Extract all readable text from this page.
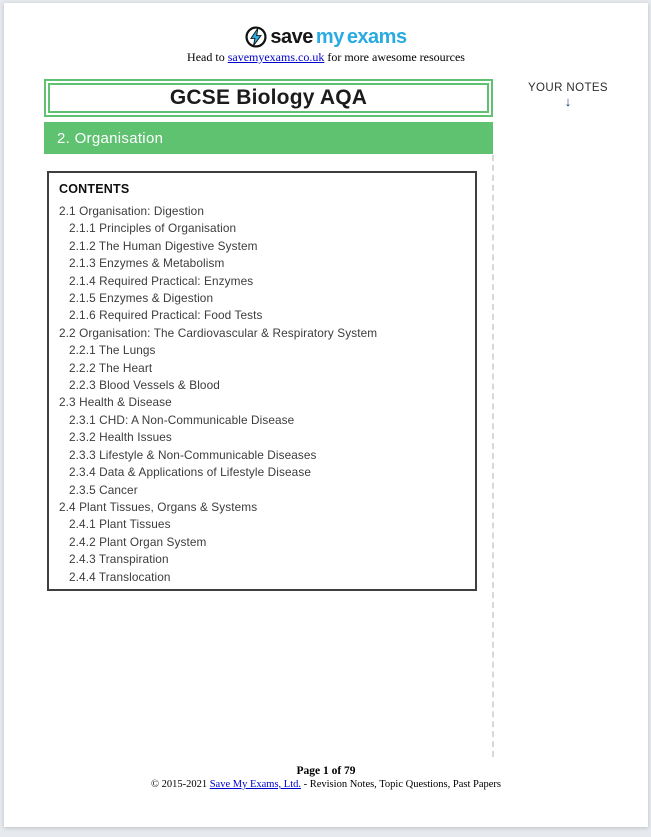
save my exams
Head to savemyexams.co.uk for more awesome resources
GCSE Biology AQA
2. Organisation
YOUR NOTES
↓
CONTENTS
2.1 Organisation: Digestion
2.1.1 Principles of Organisation
2.1.2 The Human Digestive System
2.1.3 Enzymes & Metabolism
2.1.4 Required Practical: Enzymes
2.1.5 Enzymes & Digestion
2.1.6 Required Practical: Food Tests
2.2 Organisation: The Cardiovascular & Respiratory System
2.2.1 The Lungs
2.2.2 The Heart
2.2.3 Blood Vessels & Blood
2.3 Health & Disease
2.3.1 CHD: A Non-Communicable Disease
2.3.2 Health Issues
2.3.3 Lifestyle & Non-Communicable Diseases
2.3.4 Data & Applications of Lifestyle Disease
2.3.5 Cancer
2.4 Plant Tissues, Organs & Systems
2.4.1 Plant Tissues
2.4.2 Plant Organ System
2.4.3 Transpiration
2.4.4 Translocation
Page 1 of 79
© 2015-2021 Save My Exams, Ltd. - Revision Notes, Topic Questions, Past Papers
